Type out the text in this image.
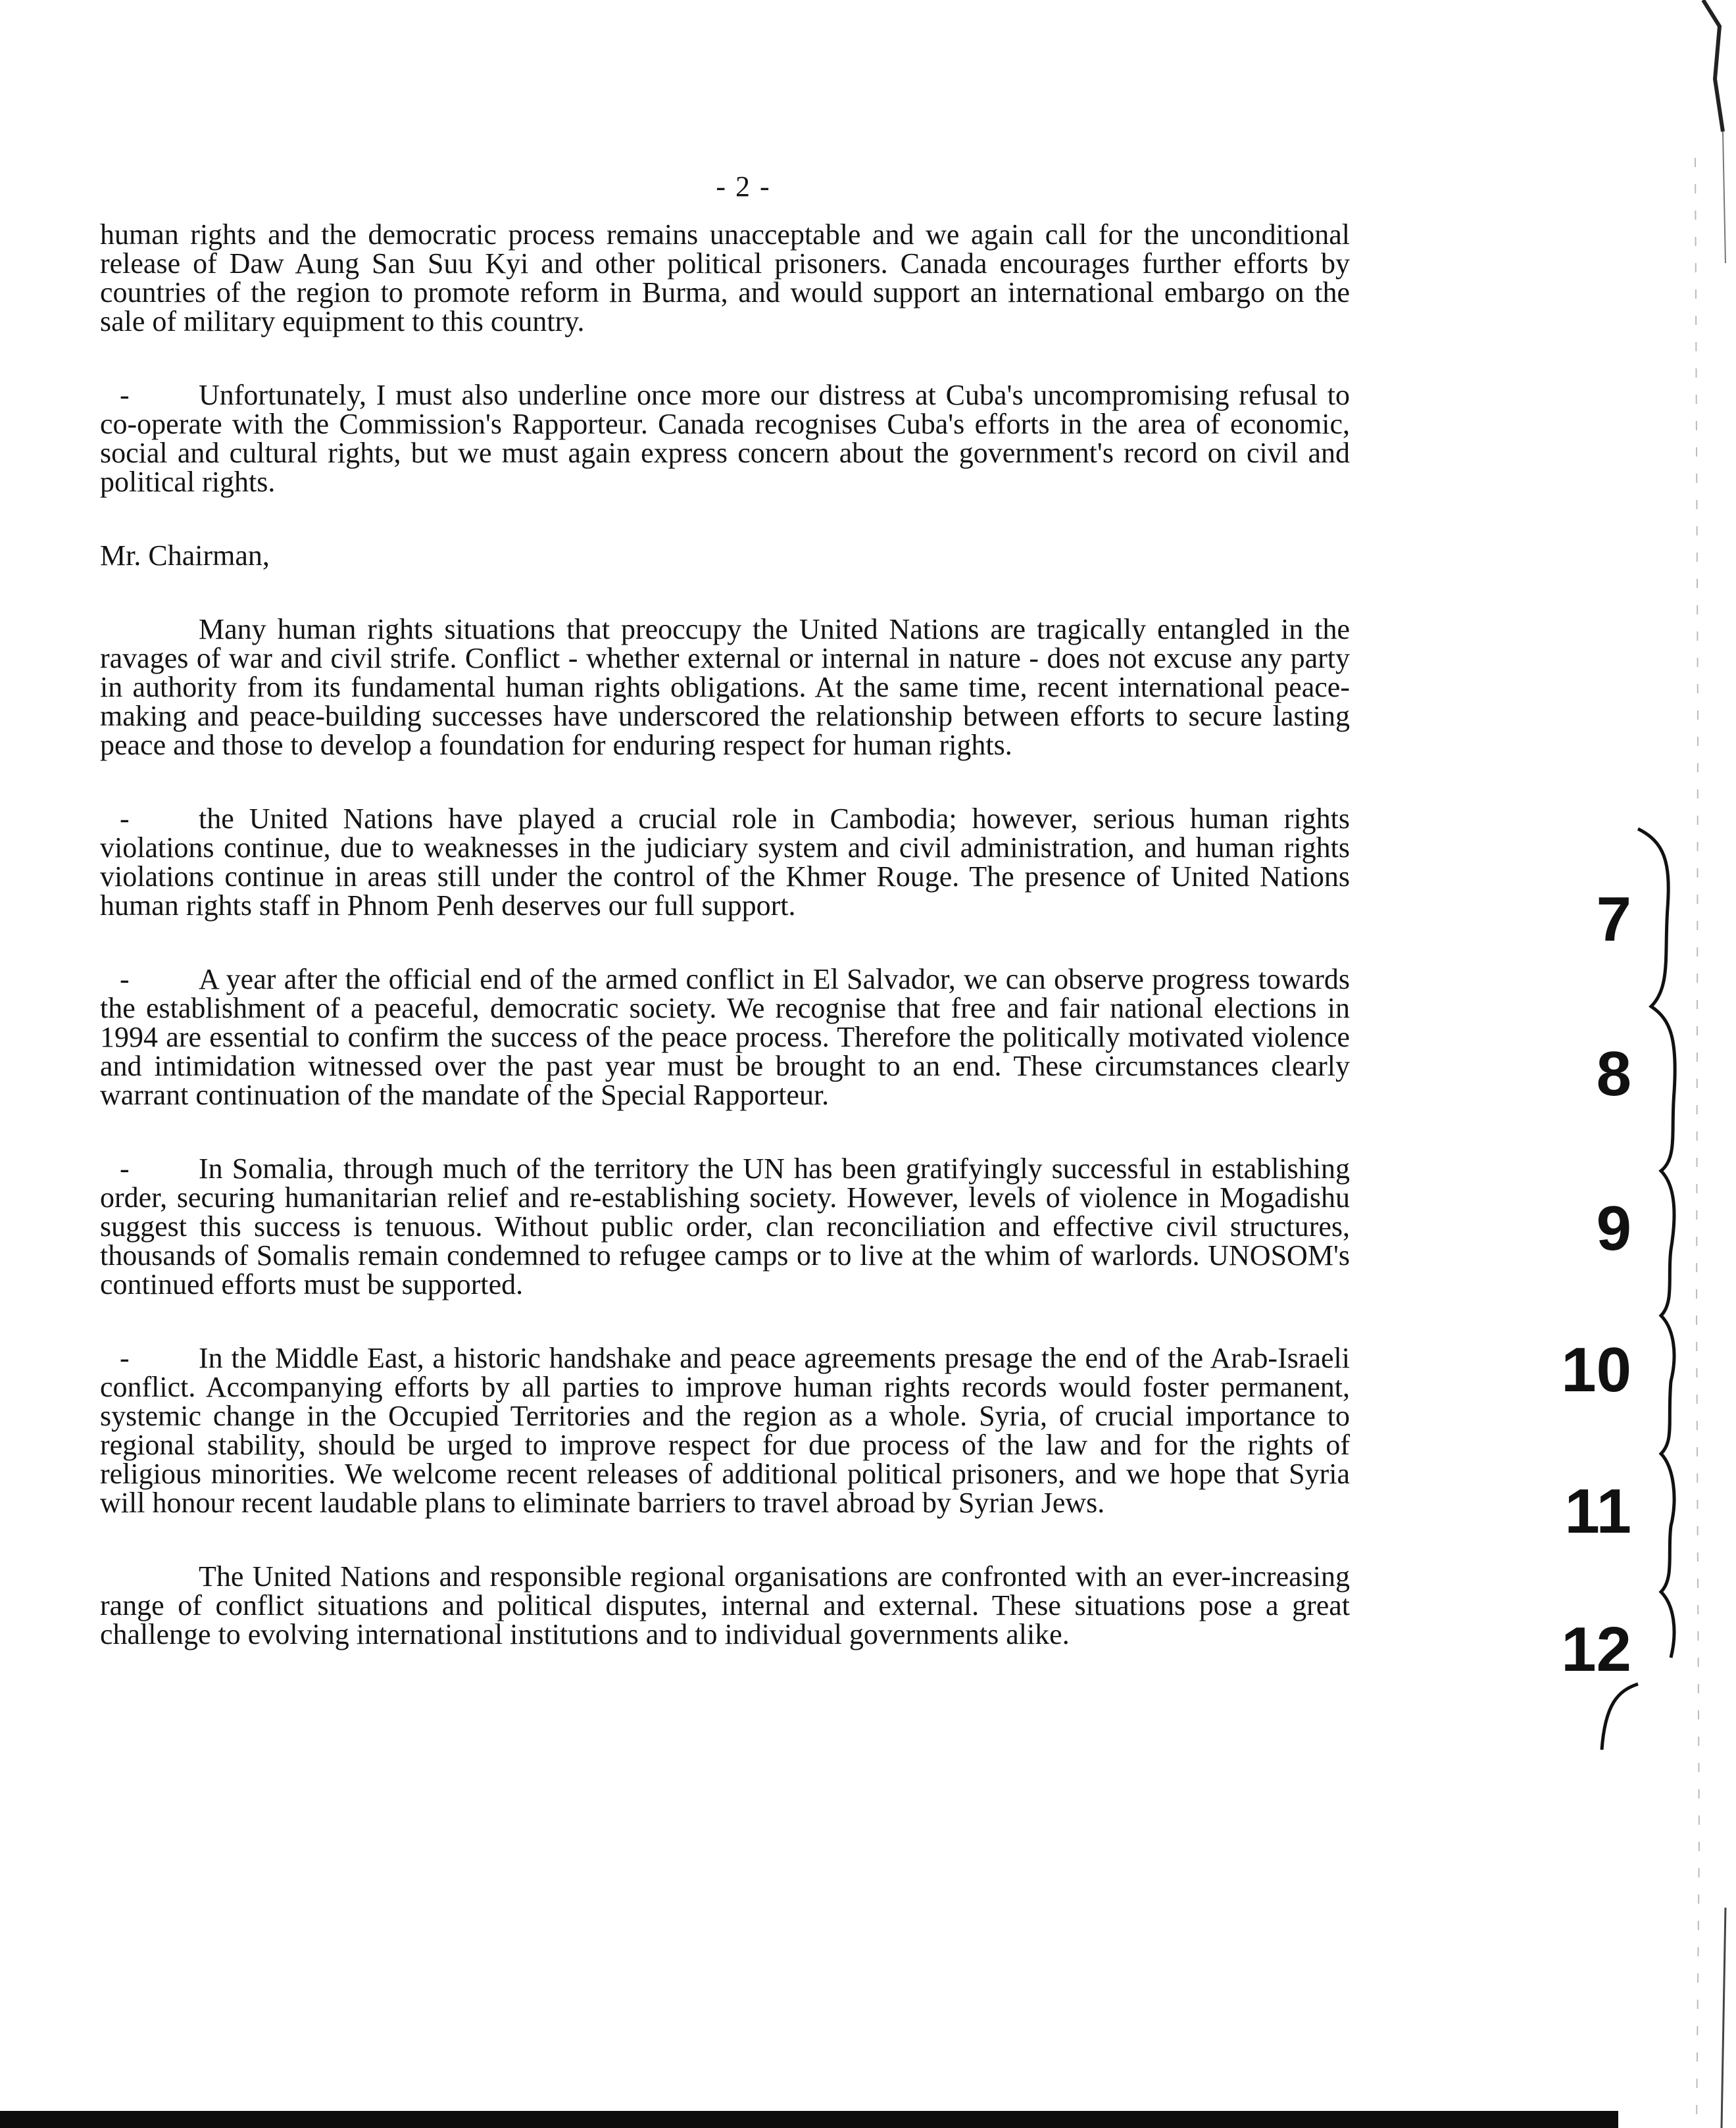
- 2 -

human rights and the democratic process remains unacceptable and we again call for the unconditional release of Daw Aung San Suu Kyi and other political prisoners. Canada encourages further efforts by countries of the region to promote reform in Burma, and would support an international embargo on the sale of military equipment to this country.

- Unfortunately, I must also underline once more our distress at Cuba's uncompromising refusal to co-operate with the Commission's Rapporteur. Canada recognises Cuba's efforts in the area of economic, social and cultural rights, but we must again express concern about the government's record on civil and political rights.

Mr. Chairman,

Many human rights situations that preoccupy the United Nations are tragically entangled in the ravages of war and civil strife. Conflict - whether external or internal in nature - does not excuse any party in authority from its fundamental human rights obligations. At the same time, recent international peace-making and peace-building successes have underscored the relationship between efforts to secure lasting peace and those to develop a foundation for enduring respect for human rights.

- the United Nations have played a crucial role in Cambodia; however, serious human rights violations continue, due to weaknesses in the judiciary system and civil administration, and human rights violations continue in areas still under the control of the Khmer Rouge. The presence of United Nations human rights staff in Phnom Penh deserves our full support.

- A year after the official end of the armed conflict in El Salvador, we can observe progress towards the establishment of a peaceful, democratic society. We recognise that free and fair national elections in 1994 are essential to confirm the success of the peace process. Therefore the politically motivated violence and intimidation witnessed over the past year must be brought to an end. These circumstances clearly warrant continuation of the mandate of the Special Rapporteur.

- In Somalia, through much of the territory the UN has been gratifyingly successful in establishing order, securing humanitarian relief and re-establishing society. However, levels of violence in Mogadishu suggest this success is tenuous. Without public order, clan reconciliation and effective civil structures, thousands of Somalis remain condemned to refugee camps or to live at the whim of warlords. UNOSOM's continued efforts must be supported.

- In the Middle East, a historic handshake and peace agreements presage the end of the Arab-Israeli conflict. Accompanying efforts by all parties to improve human rights records would foster permanent, systemic change in the Occupied Territories and the region as a whole. Syria, of crucial importance to regional stability, should be urged to improve respect for due process of the law and for the rights of religious minorities. We welcome recent releases of additional political prisoners, and we hope that Syria will honour recent laudable plans to eliminate barriers to travel abroad by Syrian Jews.

The United Nations and responsible regional organisations are confronted with an ever-increasing range of conflict situations and political disputes, internal and external. These situations pose a great challenge to evolving international institutions and to individual governments alike.

7
8
9
10
11
12
